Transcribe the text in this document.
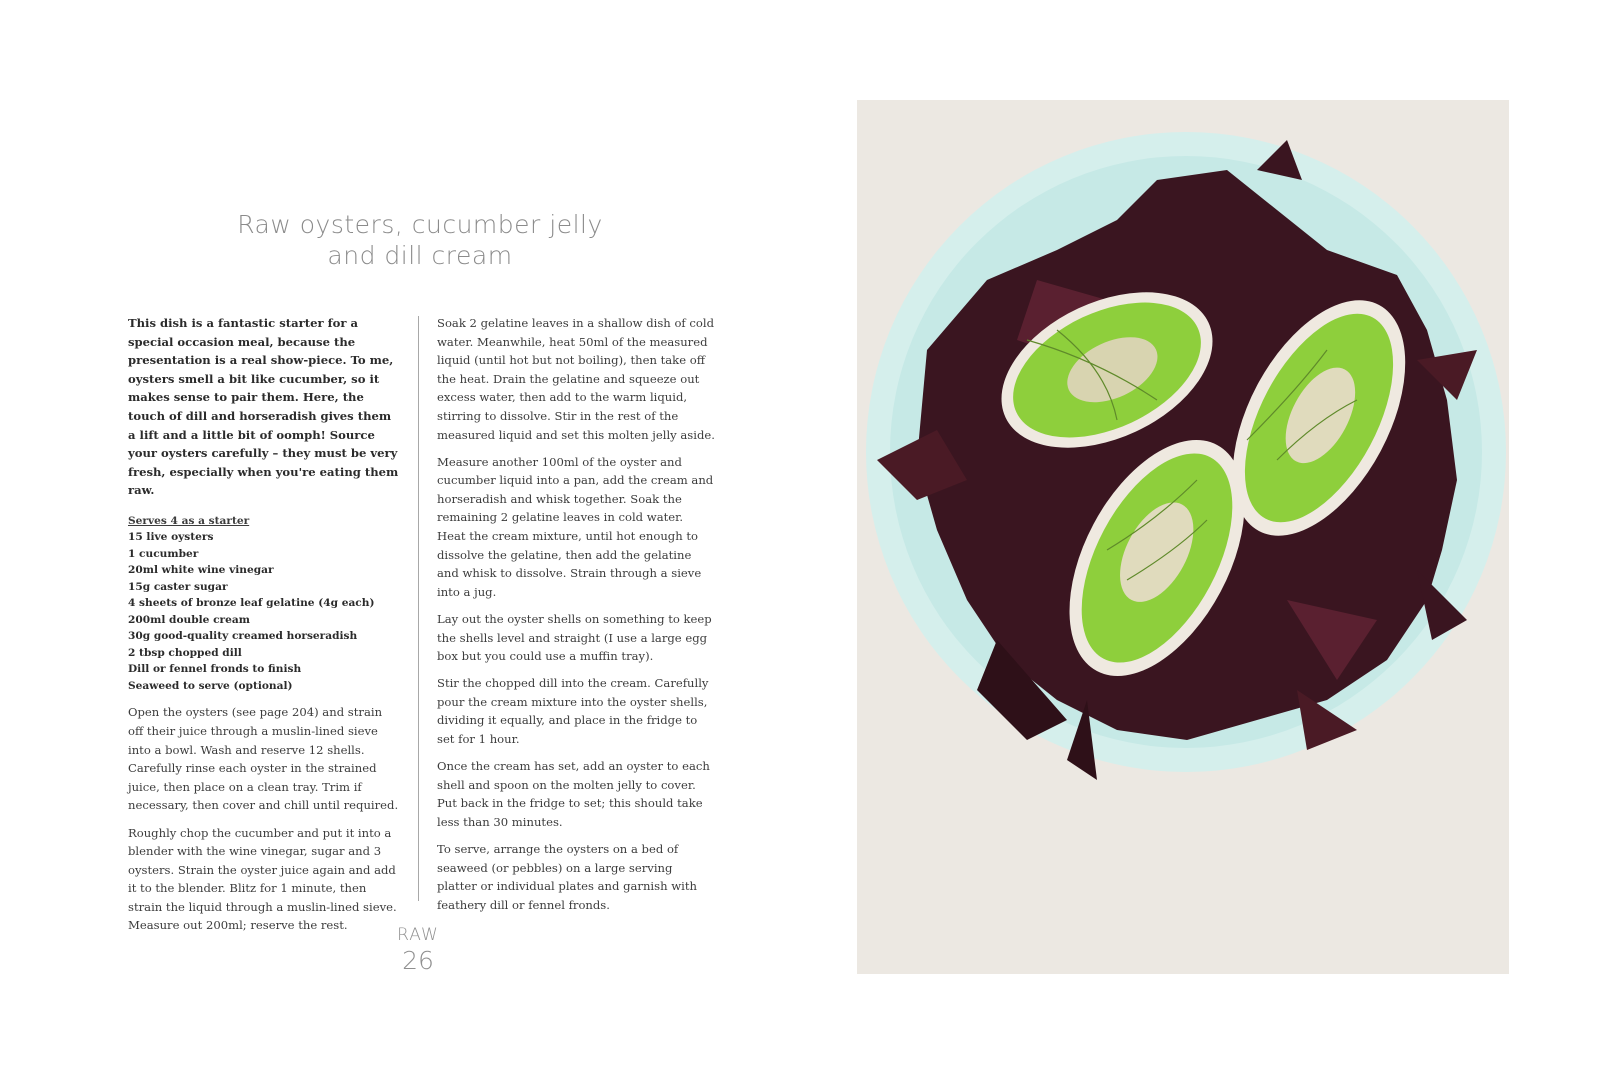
Raw oysters, cucumber jelly
and dill cream

This dish is a fantastic starter for a special occasion meal, because the presentation is a real show-piece. To me, oysters smell a bit like cucumber, so it makes sense to pair them. Here, the touch of dill and horseradish gives them a lift and a little bit of oomph! Source your oysters carefully – they must be very fresh, especially when you're eating them raw.

Serves 4 as a starter
15 live oysters
1 cucumber
20ml white wine vinegar
15g caster sugar
4 sheets of bronze leaf gelatine (4g each)
200ml double cream
30g good-quality creamed horseradish
2 tbsp chopped dill
Dill or fennel fronds to finish
Seaweed to serve (optional)

Open the oysters (see page 204) and strain off their juice through a muslin-lined sieve into a bowl. Wash and reserve 12 shells. Carefully rinse each oyster in the strained juice, then place on a clean tray. Trim if necessary, then cover and chill until required.

Roughly chop the cucumber and put it into a blender with the wine vinegar, sugar and 3 oysters. Strain the oyster juice again and add it to the blender. Blitz for 1 minute, then strain the liquid through a muslin-lined sieve. Measure out 200ml; reserve the rest.

Soak 2 gelatine leaves in a shallow dish of cold water. Meanwhile, heat 50ml of the measured liquid (until hot but not boiling), then take off the heat. Drain the gelatine and squeeze out excess water, then add to the warm liquid, stirring to dissolve. Stir in the rest of the measured liquid and set this molten jelly aside.

Measure another 100ml of the oyster and cucumber liquid into a pan, add the cream and horseradish and whisk together. Soak the remaining 2 gelatine leaves in cold water. Heat the cream mixture, until hot enough to dissolve the gelatine, then add the gelatine and whisk to dissolve. Strain through a sieve into a jug.

Lay out the oyster shells on something to keep the shells level and straight (I use a large egg box but you could use a muffin tray).

Stir the chopped dill into the cream. Carefully pour the cream mixture into the oyster shells, dividing it equally, and place in the fridge to set for 1 hour.

Once the cream has set, add an oyster to each shell and spoon on the molten jelly to cover. Put back in the fridge to set; this should take less than 30 minutes.

To serve, arrange the oysters on a bed of seaweed (or pebbles) on a large serving platter or individual plates and garnish with feathery dill or fennel fronds.

RAW
26
